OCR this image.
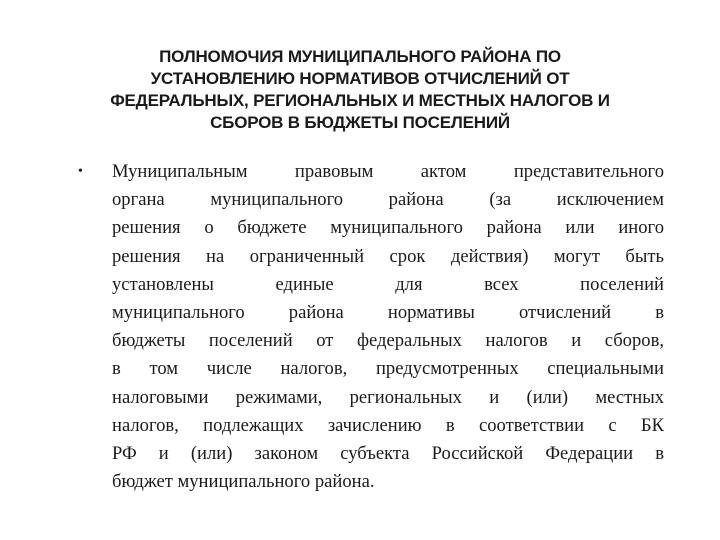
ПОЛНОМОЧИЯ МУНИЦИПАЛЬНОГО РАЙОНА ПО
УСТАНОВЛЕНИЮ НОРМАТИВОВ ОТЧИСЛЕНИЙ ОТ
ФЕДЕРАЛЬНЫХ, РЕГИОНАЛЬНЫХ И МЕСТНЫХ НАЛОГОВ И
СБОРОВ В БЮДЖЕТЫ ПОСЕЛЕНИЙ
• Муниципальным правовым актом представительного
органа муниципального района (за исключением
решения о бюджете муниципального района или иного
решения на ограниченный срок действия) могут быть
установлены единые для всех поселений
муниципального района нормативы отчислений в
бюджеты поселений от федеральных налогов и сборов,
в том числе налогов, предусмотренных специальными
налоговыми режимами, региональных и (или) местных
налогов, подлежащих зачислению в соответствии с БК
РФ и (или) законом субъекта Российской Федерации в
бюджет муниципального района.
